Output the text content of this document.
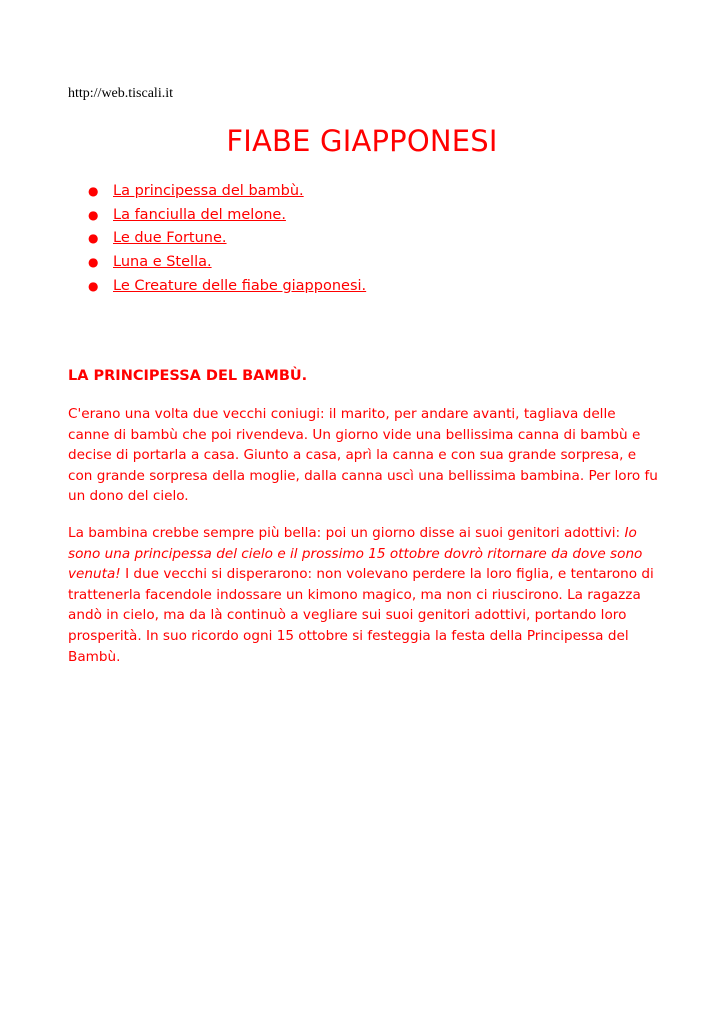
http://web.tiscali.it
FIABE GIAPPONESI
● La principessa del bambù.
● La fanciulla del melone.
● Le due Fortune.
● Luna e Stella.
● Le Creature delle fiabe giapponesi.
LA PRINCIPESSA DEL BAMBÙ.

C'erano una volta due vecchi coniugi: il marito, per andare avanti, tagliava delle canne di bambù che poi rivendeva. Un giorno vide una bellissima canna di bambù e decise di portarla a casa. Giunto a casa, aprì la canna e con sua grande sorpresa, e con grande sorpresa della moglie, dalla canna uscì una bellissima bambina. Per loro fu un dono del cielo.

La bambina crebbe sempre più bella: poi un giorno disse ai suoi genitori adottivi: Io sono una principessa del cielo e il prossimo 15 ottobre dovrò ritornare da dove sono venuta! I due vecchi si disperarono: non volevano perdere la loro figlia, e tentarono di trattenerla facendole indossare un kimono magico, ma non ci riuscirono. La ragazza andò in cielo, ma da là continuò a vegliare sui suoi genitori adottivi, portando loro prosperità. In suo ricordo ogni 15 ottobre si festeggia la festa della Principessa del Bambù.
